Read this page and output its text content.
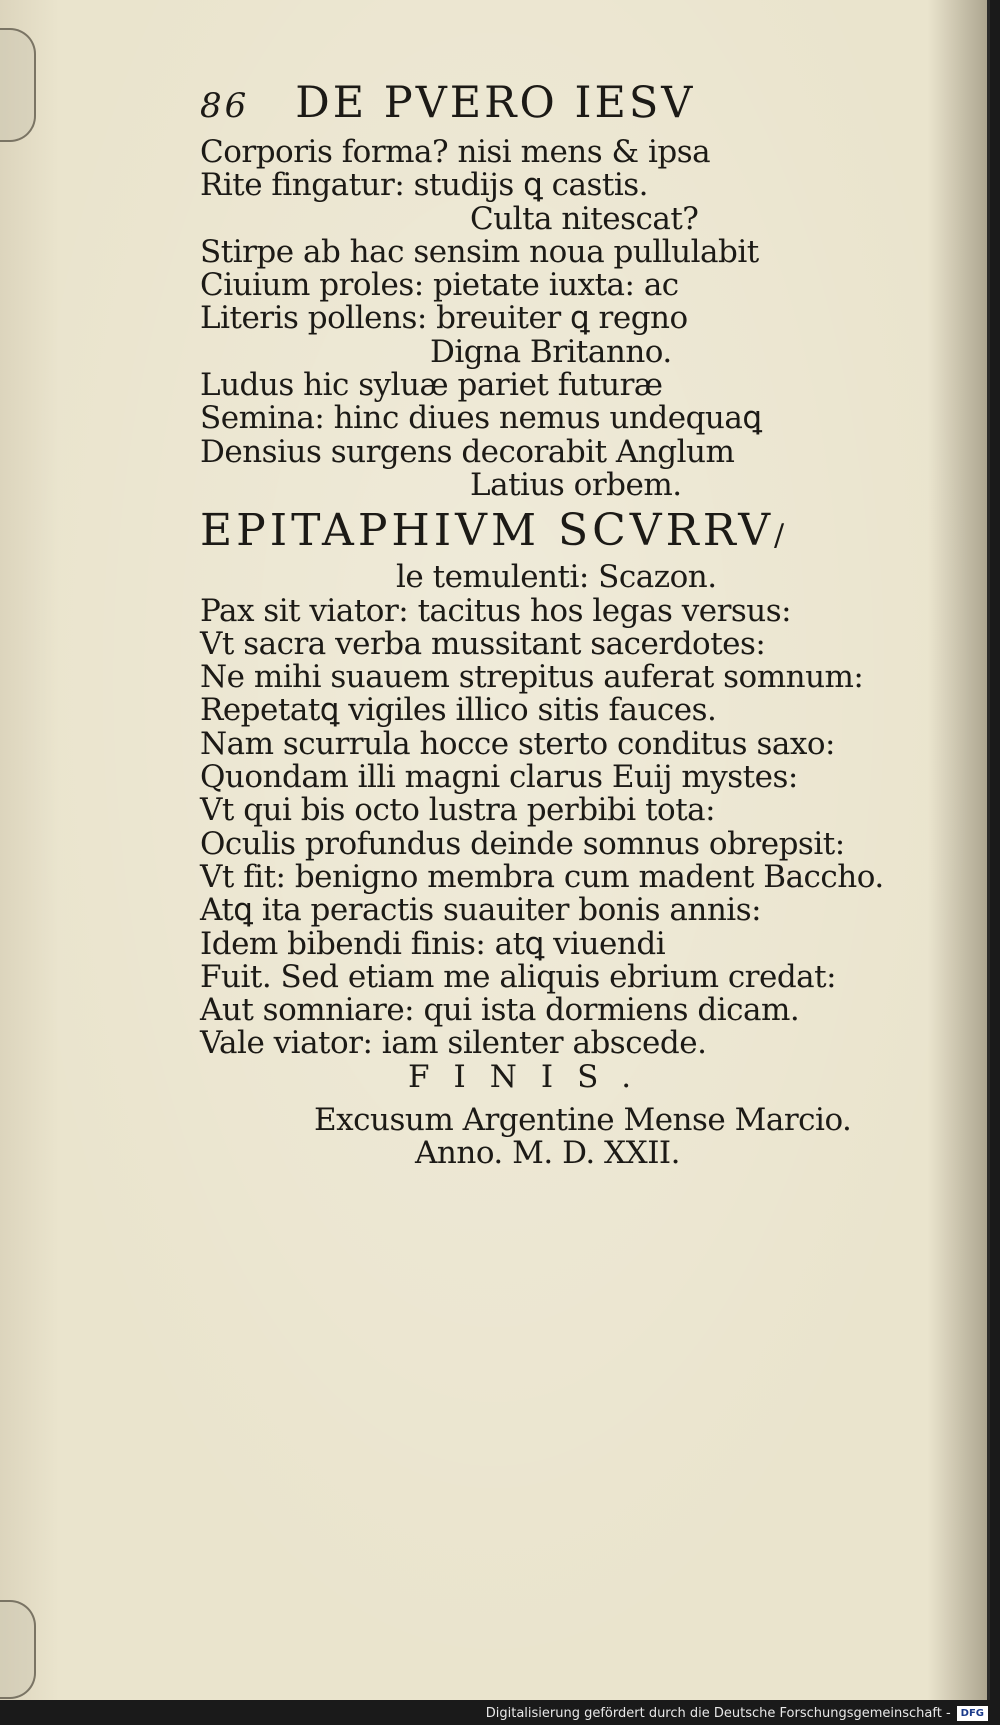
86 DE PVERO IESV
Corporis forma? nisi mens & ipsa
Rite fingatur: studijs ꝗ castis.
Culta nitescat?
Stirpe ab hac sensim noua pullulabit
Ciuium proles: pietate iuxta: ac
Literis pollens: breuiter ꝗ regno
Digna Britanno.
Ludus hic syluæ pariet futuræ
Semina: hinc diues nemus undequaꝗ
Densius surgens decorabit Anglum
Latius orbem.
EPITAPHIVM SCVRRV/
le temulenti: Scazon.
Pax sit viator: tacitus hos legas versus:
Vt sacra verba mussitant sacerdotes:
Ne mihi suauem strepitus auferat somnum:
Repetatꝗ vigiles illico sitis fauces.
Nam scurrula hocce sterto conditus saxo:
Quondam illi magni clarus Euij mystes:
Vt qui bis octo lustra perbibi tota:
Oculis profundus deinde somnus obrepsit:
Vt fit: benigno membra cum madent Baccho.
Atꝗ ita peractis suauiter bonis annis:
Idem bibendi finis: atꝗ viuendi
Fuit. Sed etiam me aliquis ebrium credat:
Aut somniare: qui ista dormiens dicam.
Vale viator: iam silenter abscede.
FINIS.
Excusum Argentine Mense Marcio.
Anno. M. D. XXII.
Digitalisierung gefördert durch die Deutsche Forschungsgemeinschaft -	DFG
